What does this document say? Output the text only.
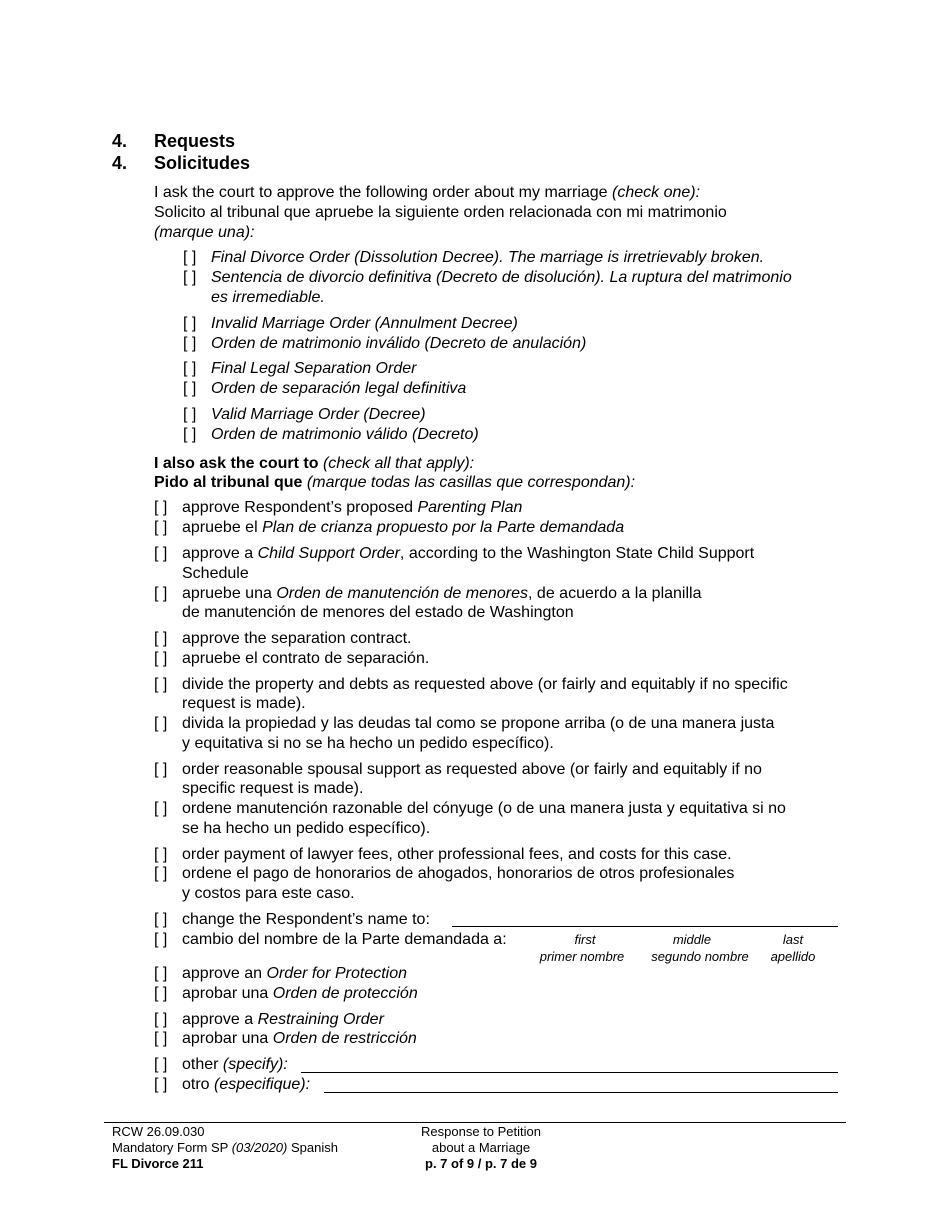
4. Requests
4. Solicitudes
I ask the court to approve the following order about my marriage (check one):
Solicito al tribunal que apruebe la siguiente orden relacionada con mi matrimonio
(marque una):
[ ] Final Divorce Order (Dissolution Decree). The marriage is irretrievably broken.
[ ] Sentencia de divorcio definitiva (Decreto de disolución). La ruptura del matrimonio
es irremediable.
[ ] Invalid Marriage Order (Annulment Decree)
[ ] Orden de matrimonio inválido (Decreto de anulación)
[ ] Final Legal Separation Order
[ ] Orden de separación legal definitiva
[ ] Valid Marriage Order (Decree)
[ ] Orden de matrimonio válido (Decreto)
I also ask the court to (check all that apply):
Pido al tribunal que (marque todas las casillas que correspondan):
[ ] approve Respondent’s proposed Parenting Plan
[ ] apruebe el Plan de crianza propuesto por la Parte demandada
[ ] approve a Child Support Order, according to the Washington State Child Support
Schedule
[ ] apruebe una Orden de manutención de menores, de acuerdo a la planilla
de manutención de menores del estado de Washington
[ ] approve the separation contract.
[ ] apruebe el contrato de separación.
[ ] divide the property and debts as requested above (or fairly and equitably if no specific
request is made).
[ ] divida la propiedad y las deudas tal como se propone arriba (o de una manera justa
y equitativa si no se ha hecho un pedido específico).
[ ] order reasonable spousal support as requested above (or fairly and equitably if no
specific request is made).
[ ] ordene manutención razonable del cónyuge (o de una manera justa y equitativa si no
se ha hecho un pedido específico).
[ ] order payment of lawyer fees, other professional fees, and costs for this case.
[ ] ordene el pago de honorarios de ahogados, honorarios de otros profesionales
y costos para este caso.
[ ] change the Respondent’s name to:
[ ] cambio del nombre de la Parte demandada a:	first
primer nombre
middle
segundo nombre
last
apellido
[ ] approve an Order for Protection
[ ] aprobar una Orden de protección
[ ] approve a Restraining Order
[ ] aprobar una Orden de restricción
[ ] other (specify):
[ ] otro (especifique):
RCW 26.09.030
Mandatory Form SP (03/2020) Spanish
FL Divorce 211
Response to Petition
about a Marriage
p. 7 of 9 / p. 7 de 9
